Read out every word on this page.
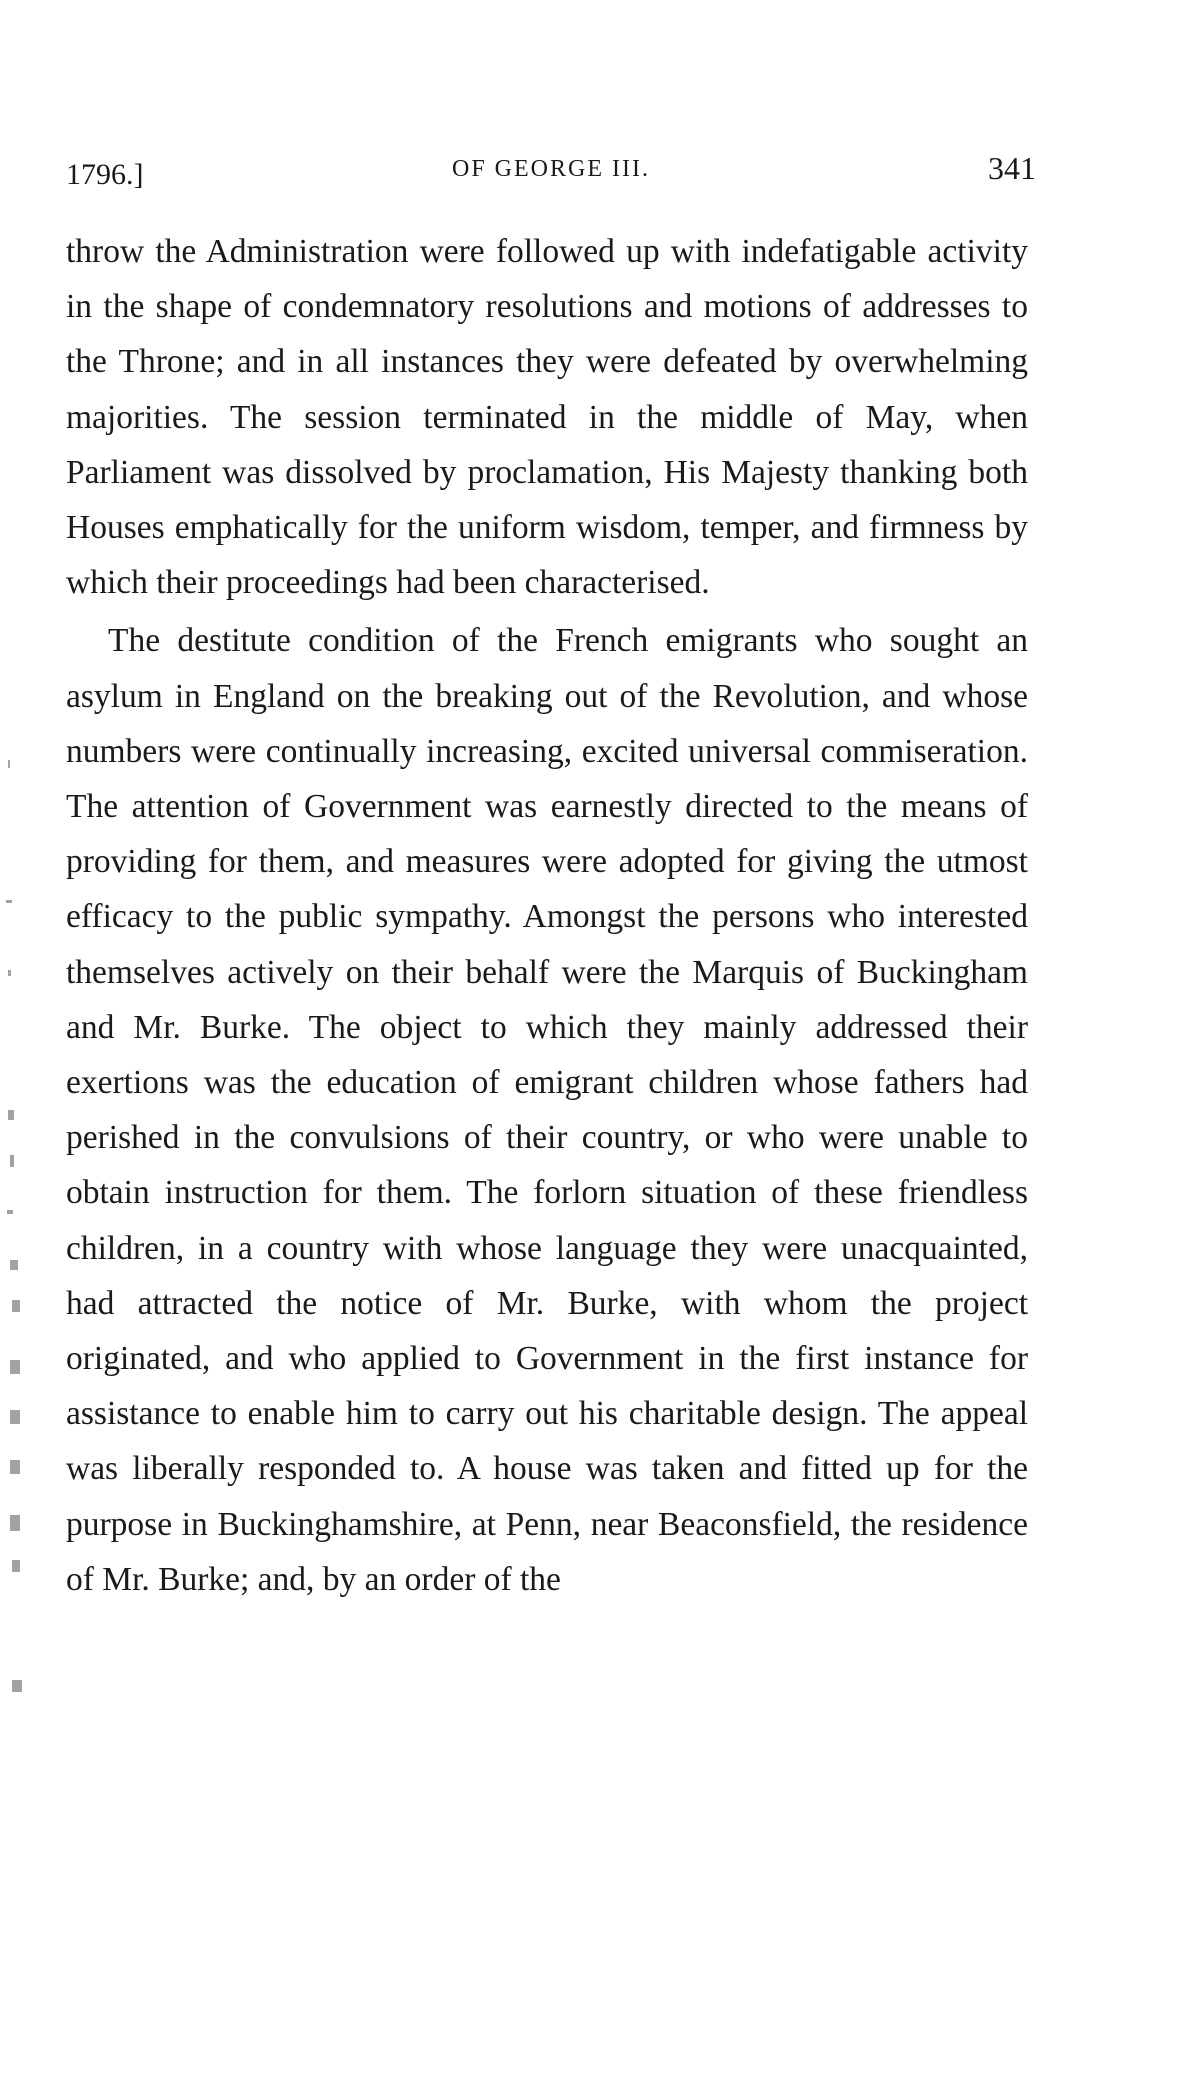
1796.]	OF GEORGE III.	341

throw the Administration were followed up with indefatigable activity in the shape of condemnatory resolutions and motions of addresses to the Throne; and in all instances they were defeated by overwhelming majorities. The session terminated in the middle of May, when Parliament was dissolved by proclamation, His Majesty thanking both Houses emphatically for the uniform wisdom, temper, and firmness by which their proceedings had been characterised.

The destitute condition of the French emigrants who sought an asylum in England on the breaking out of the Revolution, and whose numbers were continually increasing, excited universal commiseration. The attention of Government was earnestly directed to the means of providing for them, and measures were adopted for giving the utmost efficacy to the public sympathy. Amongst the persons who interested themselves actively on their behalf were the Marquis of Buckingham and Mr. Burke. The object to which they mainly addressed their exertions was the education of emigrant children whose fathers had perished in the convulsions of their country, or who were unable to obtain instruction for them. The forlorn situation of these friendless children, in a country with whose language they were unacquainted, had attracted the notice of Mr. Burke, with whom the project originated, and who applied to Government in the first instance for assistance to enable him to carry out his charitable design. The appeal was liberally responded to. A house was taken and fitted up for the purpose in Buckinghamshire, at Penn, near Beaconsfield, the residence of Mr. Burke; and, by an order of the
